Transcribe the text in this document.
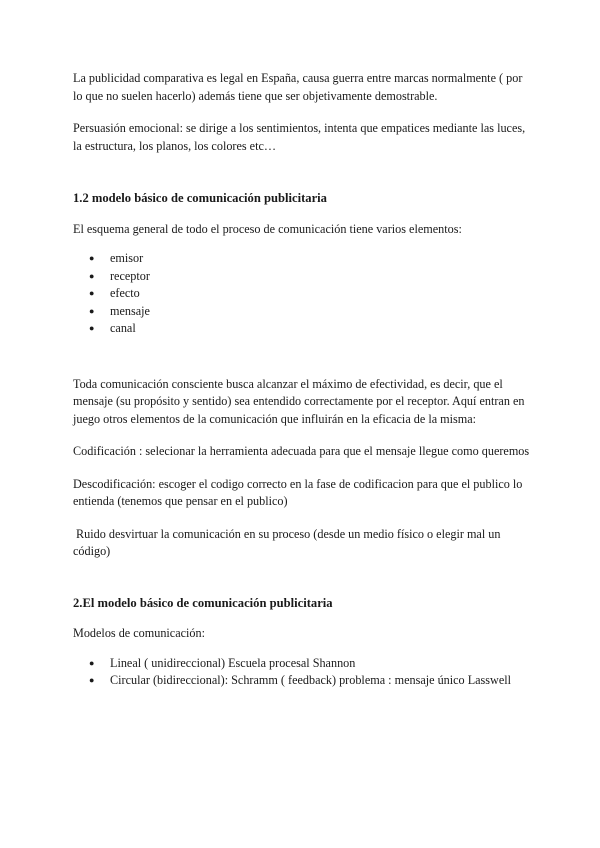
La publicidad comparativa es legal en España, causa guerra entre marcas normalmente ( por lo que no suelen hacerlo) además tiene que ser objetivamente demostrable.

Persuasión emocional: se dirige a los sentimientos, intenta que empatices mediante las luces, la estructura, los planos, los colores etc…

1.2 modelo básico de comunicación publicitaria

El esquema general de todo el proceso de comunicación tiene varios elementos:

● emisor
● receptor
● efecto
● mensaje
● canal

Toda comunicación consciente busca alcanzar el máximo de efectividad, es decir, que el mensaje (su propósito y sentido) sea entendido correctamente por el receptor. Aquí entran en juego otros elementos de la comunicación que influirán en la eficacia de la misma:

Codificación : selecionar la herramienta adecuada para que el mensaje llegue como queremos

Descodificación: escoger el codigo correcto en la fase de codificacion para que el publico lo entienda (tenemos que pensar en el publico)

Ruido desvirtuar la comunicación en su proceso (desde un medio físico o elegir mal un código)

2.El modelo básico de comunicación publicitaria

Modelos de comunicación:

● Lineal ( unidireccional) Escuela procesal Shannon
● Circular (bidireccional): Schramm ( feedback) problema : mensaje único Lasswell
